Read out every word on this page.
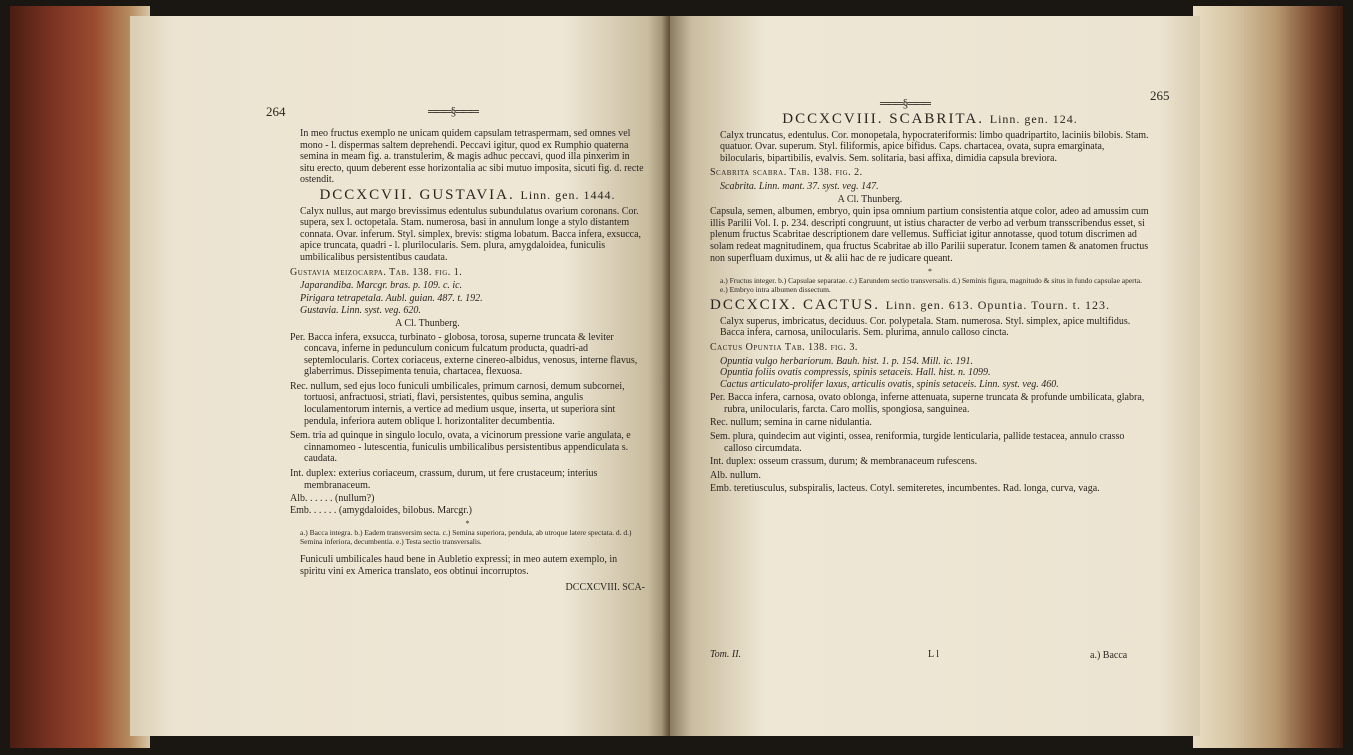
264	═══§═══

In meo fructus exemplo ne unicam quidem capsulam tetraspermam, sed omnes vel mono - l. dispermas saltem deprehendi. Peccavi igitur, quod ex Rumphio quaterna semina in meam fig. a. transtulerim, & magis adhuc peccavi, quod illa pinxerim in situ erecto, quum deberent esse horizontalia ac sibi mutuo imposita, sicuti fig. d. recte ostendit.

DCCXCVII. GUSTAVIA. Linn. gen. 1444.

Calyx nullus, aut margo brevissimus edentulus subundulatus ovarium coronans. Cor. supera, sex l. octopetala. Stam. numerosa, basi in annulum longe a stylo distantem connata. Ovar. inferum. Styl. simplex, brevis: stigma lobatum. Bacca infera, exsucca, apice truncata, quadri - l. plurilocularis. Sem. plura, amygdaloidea, funiculis umbilicalibus persistentibus caudata.

Gustavia meizocarpa. Tab. 138. fig. 1.

Japarandiba. Marcgr. bras. p. 109. c. ic.

Pirigara tetrapetala. Aubl. guian. 487. t. 192.

Gustavia. Linn. syst. veg. 620.

A Cl. Thunberg.

Per. Bacca infera, exsucca, turbinato - globosa, torosa, superne truncata & leviter concava, inferne in pedunculum conicum fulcatum producta, quadri-ad septemlocularis. Cortex coriaceus, externe cinereo-albidus, venosus, interne flavus, glaberrimus. Dissepimenta tenuia, chartacea, flexuosa.

Rec. nullum, sed ejus loco funiculi umbilicales, primum carnosi, demum subcornei, tortuosi, anfractuosi, striati, flavi, persistentes, quibus semina, angulis loculamentorum internis, a vertice ad medium usque, inserta, ut superiora sint pendula, inferiora autem oblique l. horizontaliter decumbentia.

Sem. tria ad quinque in singulo loculo, ovata, a vicinorum pressione varie angulata, e cinnamomeo - lutescentia, funiculis umbilicalibus persistentibus appendiculata s. caudata.

Int. duplex: exterius coriaceum, crassum, durum, ut fere crustaceum; interius membranaceum.

Alb. . . . . . (nullum?)

Emb. . . . . . (amygdaloides, bilobus. Marcgr.)

*

a.) Bacca integra. b.) Eadem transversim secta. c.) Semina superiora, pendula, ab utroque latere spectata. d. d.) Semina inferiora, decumbentia. e.) Testa sectio transversalis.

Funiculi umbilicales haud bene in Aubletio expressi; in meo autem exemplo, in spiritu vini ex America translato, eos obtinui incorruptos.

DCCXCVIII. SCA-

═══§═══	265
DCCXCVIII. SCABRITA. Linn. gen. 124.

Calyx truncatus, edentulus. Cor. monopetala, hypocrateriformis: limbo quadripartito, laciniis bilobis. Stam. quatuor. Ovar. superum. Styl. filiformis, apice bifidus. Caps. chartacea, ovata, supra emarginata, bilocularis, bipartibilis, evalvis. Sem. solitaria, basi affixa, dimidia capsula breviora.

Scabrita scabra. Tab. 138. fig. 2.

Scabrita. Linn. mant. 37. syst. veg. 147.

A Cl. Thunberg.

Capsula, semen, albumen, embryo, quin ipsa omnium partium consistentia atque color, adeo ad amussim cum illis Parilii Vol. I. p. 234. descripti congruunt, ut istius character de verbo ad verbum transscribendus esset, si plenum fructus Scabritae descriptionem dare vellemus. Sufficiat igitur annotasse, quod totum discrimen ad solam redeat magnitudinem, qua fructus Scabritae ab illo Parilii superatur. Iconem tamen & anatomen fructus non superfluam duximus, ut & alii hac de re judicare queant.

*

a.) Fructus integer. b.) Capsulae separatae. c.) Earundem sectio transversalis. d.) Seminis figura, magnitudo & situs in fundo capsulae aperta. e.) Embryo intra albumen dissectum.

DCCXCIX. CACTUS. Linn. gen. 613. Opuntia. Tourn. t. 123.

Calyx superus, imbricatus, deciduus. Cor. polypetala. Stam. numerosa. Styl. simplex, apice multifidus. Bacca infera, carnosa, unilocularis. Sem. plurima, annulo calloso cincta.

Cactus Opuntia Tab. 138. fig. 3.

Opuntia vulgo herbariorum. Bauh. hist. 1. p. 154. Mill. ic. 191.

Opuntia foliis ovatis compressis, spinis setaceis. Hall. hist. n. 1099.

Cactus articulato-prolifer laxus, articulis ovatis, spinis setaceis. Linn. syst. veg. 460.

Per. Bacca infera, carnosa, ovato oblonga, inferne attenuata, superne truncata & profunde umbilicata, glabra, rubra, unilocularis, farcta. Caro mollis, spongiosa, sanguinea.

Rec. nullum; semina in carne nidulantia.

Sem. plura, quindecim aut viginti, ossea, reniformia, turgide lenticularia, pallide testacea, annulo crasso calloso circumdata.

Int. duplex: osseum crassum, durum; & membranaceum rufescens.

Alb. nullum.

Emb. teretiusculus, subspiralis, lacteus. Cotyl. semiteretes, incumbentes. Rad. longa, curva, vaga.

Tom. II.	L l	a.) Bacca
